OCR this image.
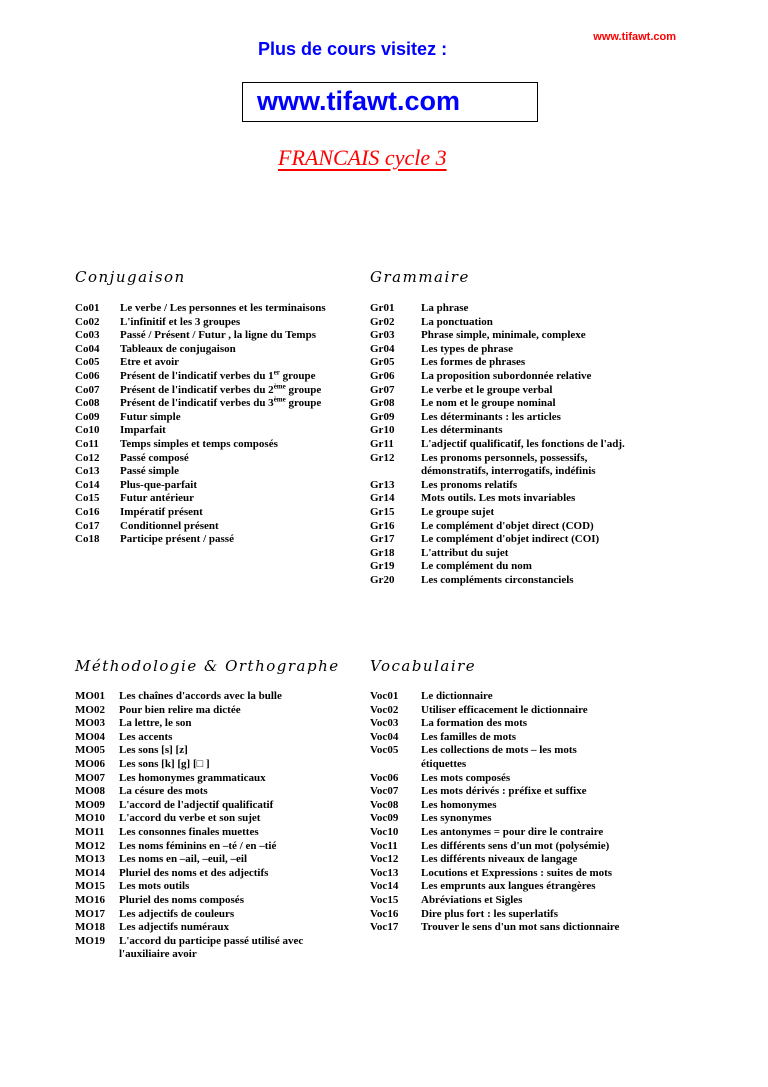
www.tifawt.com
Plus de cours visitez :
www.tifawt.com
FRANCAIS cycle 3
Conjugaison	Grammaire
Méthodologie & Orthographe Vocabulaire
Co01	Le verbe / Les personnes et les terminaisons
Co02	L'infinitif et les 3 groupes
Co03	Passé / Présent / Futur , la ligne du Temps
Co04	Tableaux de conjugaison
Co05	Etre et avoir
Co06	Présent de l'indicatif verbes du 1er groupe
Co07	Présent de l'indicatif verbes du 2ème groupe
Co08	Présent de l'indicatif verbes du 3ème groupe
Co09	Futur simple
Co10	Imparfait
Co11	Temps simples et temps composés
Co12	Passé composé
Co13	Passé simple
Co14	Plus-que-parfait
Co15	Futur antérieur
Co16	Impératif présent
Co17	Conditionnel présent
Co18	Participe présent / passé
Gr01	La phrase
Gr02	La ponctuation
Gr03	Phrase simple, minimale, complexe
Gr04	Les types de phrase
Gr05	Les formes de phrases
Gr06	La proposition subordonnée relative
Gr07	Le verbe et le groupe verbal
Gr08	Le nom et le groupe nominal
Gr09	Les déterminants : les articles
Gr10	Les déterminants
Gr11	L'adjectif qualificatif, les fonctions de l'adj.
Gr12	Les pronoms personnels, possessifs,
démonstratifs, interrogatifs, indéfinis
Gr13	Les pronoms relatifs
Gr14	Mots outils. Les mots invariables
Gr15	Le groupe sujet
Gr16	Le complément d'objet direct (COD)
Gr17	Le complément d'objet indirect (COI)
Gr18	L'attribut du sujet
Gr19	Le complément du nom
Gr20	Les compléments circonstanciels
MO01	Les chaînes d'accords avec la bulle
MO02	Pour bien relire ma dictée
MO03	La lettre, le son
MO04	Les accents
MO05	Les sons [s] [z]
MO06	Les sons [k] [g] [□ ]
MO07	Les homonymes grammaticaux
MO08	La césure des mots
MO09	L'accord de l'adjectif qualificatif
MO10	L'accord du verbe et son sujet
MO11	Les consonnes finales muettes
MO12	Les noms féminins en –té / en –tié
MO13	Les noms en –ail, –euil, –eil
MO14	Pluriel des noms et des adjectifs
MO15	Les mots outils
MO16	Pluriel des noms composés
MO17	Les adjectifs de couleurs
MO18	Les adjectifs numéraux
MO19	L'accord du participe passé utilisé avec
l'auxiliaire avoir
Voc01	Le dictionnaire
Voc02	Utiliser efficacement le dictionnaire
Voc03	La formation des mots
Voc04	Les familles de mots
Voc05	Les collections de mots – les mots
étiquettes
Voc06	Les mots composés
Voc07	Les mots dérivés : préfixe et suffixe
Voc08	Les homonymes
Voc09	Les synonymes
Voc10	Les antonymes = pour dire le contraire
Voc11	Les différents sens d'un mot (polysémie)
Voc12	Les différents niveaux de langage
Voc13	Locutions et Expressions : suites de mots
Voc14	Les emprunts aux langues étrangères
Voc15	Abréviations et Sigles
Voc16	Dire plus fort : les superlatifs
Voc17	Trouver le sens d'un mot sans dictionnaire
